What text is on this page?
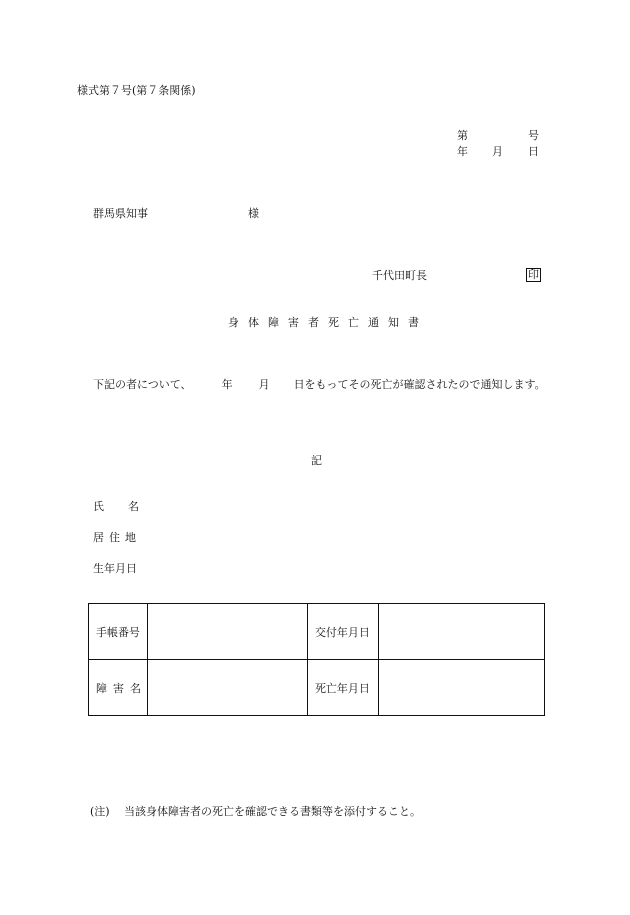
様式第７号(第７条関係)
第	号
年 月 日
群馬県知事	様
千代田町長	印
身体障害者死亡通知書
下記の者について、	年 月 日をもってその死亡が確認されたので通知します。
記
氏名
居住地
生年月日
手帳番号		交付年月日	
障害名		死亡年月日	
(注) 当該身体障害者の死亡を確認できる書類等を添付すること。
